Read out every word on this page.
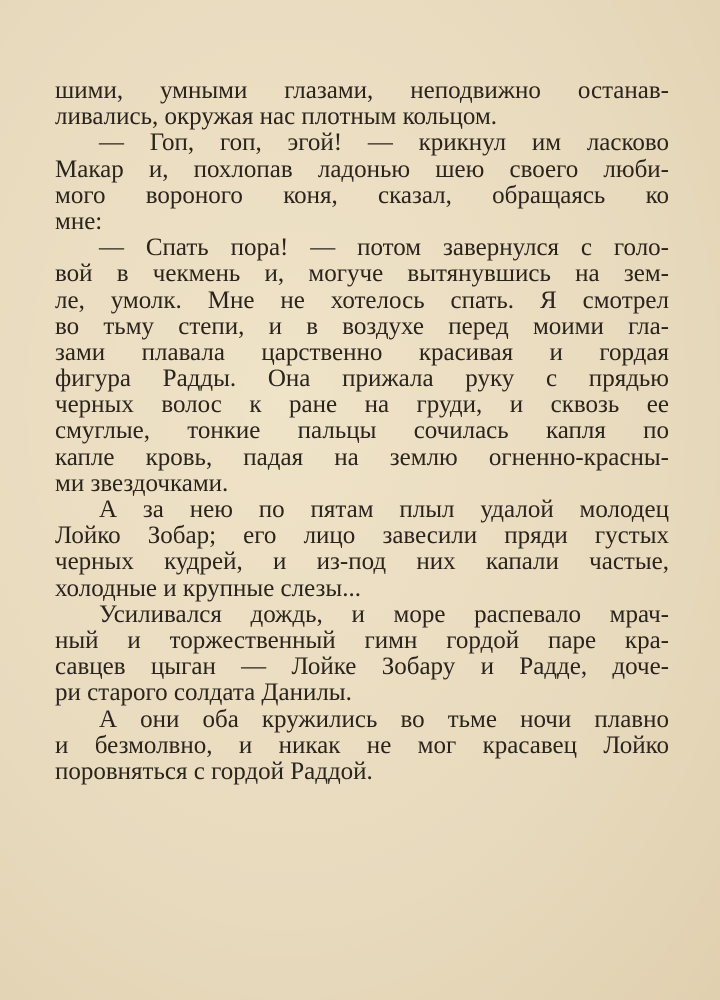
шими, умными глазами, неподвижно останав-
ливались, окружая нас плотным кольцом.
— Гоп, гоп, эгой! — крикнул им ласково
Макар и, похлопав ладонью шею своего люби-
мого вороного коня, сказал, обращаясь ко
мне:
— Спать пора! — потом завернулся с голо-
вой в чекмень и, могуче вытянувшись на зем-
ле, умолк. Мне не хотелось спать. Я смотрел
во тьму степи, и в воздухе перед моими гла-
зами плавала царственно красивая и гордая
фигура Радды. Она прижала руку с прядью
черных волос к ране на груди, и сквозь ее
смуглые, тонкие пальцы сочилась капля по
капле кровь, падая на землю огненно-красны-
ми звездочками.
А за нею по пятам плыл удалой молодец
Лойко Зобар; его лицо завесили пряди густых
черных кудрей, и из-под них капали частые,
холодные и крупные слезы...
Усиливался дождь, и море распевало мрач-
ный и торжественный гимн гордой паре кра-
савцев цыган — Лойке Зобару и Радде, доче-
ри старого солдата Данилы.
А они оба кружились во тьме ночи плавно
и безмолвно, и никак не мог красавец Лойко
поровняться с гордой Раддой.
